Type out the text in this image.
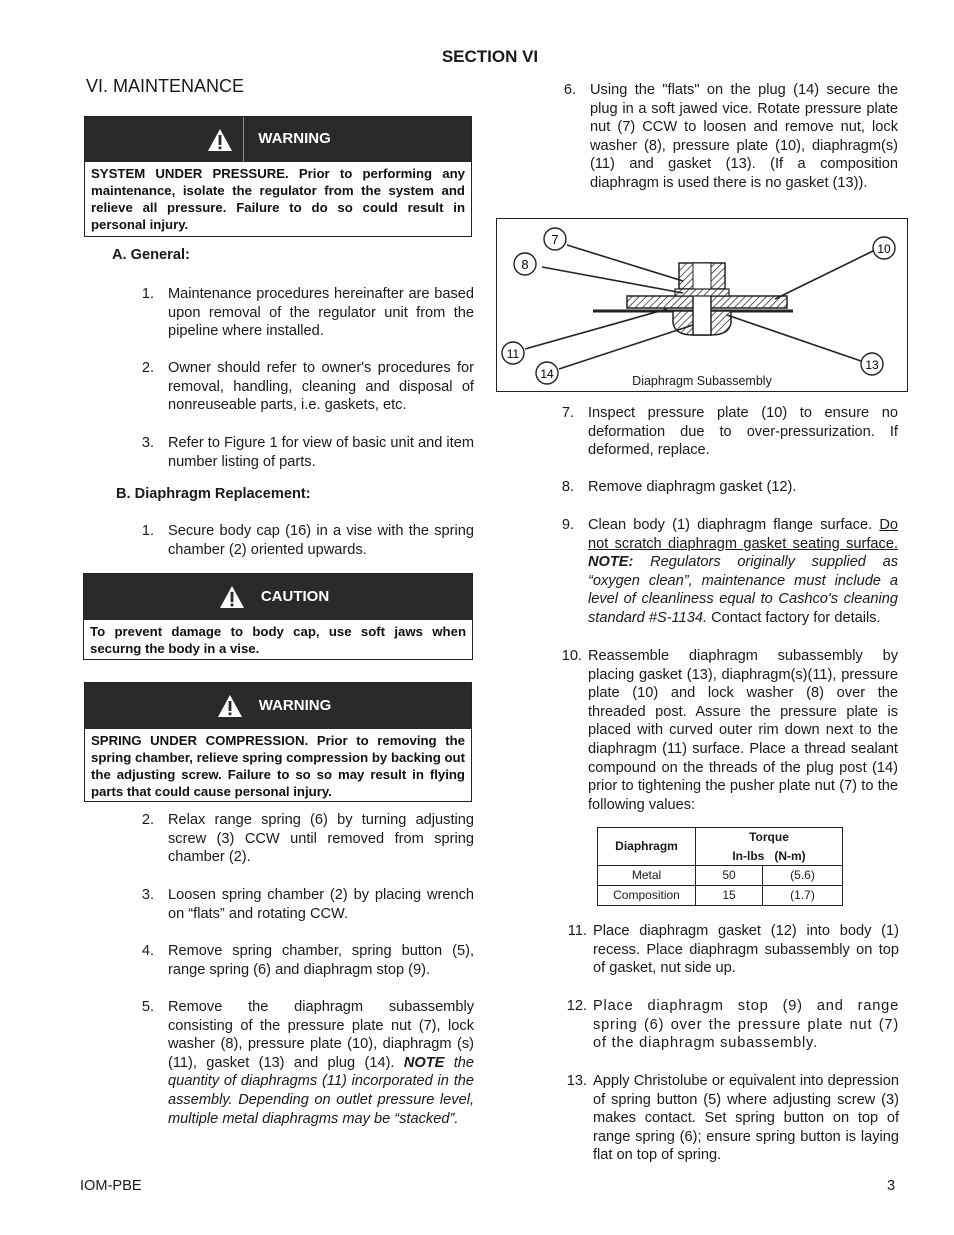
SECTION VI
VI. MAINTENANCE
WARNING
SYSTEM UNDER PRESSURE. Prior to performing any maintenance, isolate the regulator from the system and relieve all pressure. Failure to do so could result in personal injury.
A. General:
1. Maintenance procedures hereinafter are based upon removal of the regulator unit from the pipeline where installed.
2. Owner should refer to owner's procedures for removal, handling, cleaning and disposal of nonreuseable parts, i.e. gaskets, etc.
3. Refer to Figure 1 for view of basic unit and item number listing of parts.
B. Diaphragm Replacement:
1. Secure body cap (16) in a vise with the spring chamber (2) oriented upwards.
CAUTION
To prevent damage to body cap, use soft jaws when securng the body in a vise.
WARNING
SPRING UNDER COMPRESSION. Prior to removing the spring chamber, relieve spring compression by backing out the adjusting screw. Failure to so so may result in flying parts that could cause personal injury.
2. Relax range spring (6) by turning adjusting screw (3) CCW until removed from spring chamber (2).
3. Loosen spring chamber (2) by placing wrench on “flats” and rotating CCW.
4. Remove spring chamber, spring button (5), range spring (6) and diaphragm stop (9).
5. Remove the diaphragm subassembly consisting of the pressure plate nut (7), lock washer (8), pressure plate (10), diaphragm (s) (11), gasket (13) and plug (14). NOTE the quantity of diaphragms (11) incorporated in the assembly. Depending on outlet pressure level, multiple metal diaphragms may be “stacked”.
6. Using the "flats" on the plug (14) secure the plug in a soft jawed vice. Rotate pressure plate nut (7) CCW to loosen and remove nut, lock washer (8), pressure plate (10), diaphragm(s) (11) and gasket (13). (If a composition diaphragm is used there is no gasket (13)).
7
8
10
11
14
13
Diaphragm Subassembly
7. Inspect pressure plate (10) to ensure no deformation due to over-pressurization. If deformed, replace.
8. Remove diaphragm gasket (12).
9. Clean body (1) diaphragm flange surface. Do not scratch diaphragm gasket seating surface. NOTE: Regulators originally supplied as “oxygen clean”, maintenance must include a level of cleanliness equal to Cashco's cleaning standard #S-1134. Contact factory for details.
10. Reassemble diaphragm subassembly by placing gasket (13), diaphragm(s)(11), pressure plate (10) and lock washer (8) over the threaded post. Assure the pressure plate is placed with curved outer rim down next to the diaphragm (11) surface. Place a thread sealant compound on the threads of the plug post (14) prior to tightening the pusher plate nut (7) to the following values:
Diaphragm	Torque
In-lbs   (N-m)	

Metal	50	(5.6)
Composition	15	(1.7)
11. Place diaphragm gasket (12) into body (1) recess. Place diaphragm subassembly on top of gasket, nut side up.
12. Place diaphragm stop (9) and range spring (6) over the pressure plate nut (7) of the diaphragm subassembly.
13. Apply Christolube or equivalent into depression of spring button (5) where adjusting screw (3) makes contact. Set spring button on top of range spring (6); ensure spring button is laying flat on top of spring.
IOM-PBE	3
